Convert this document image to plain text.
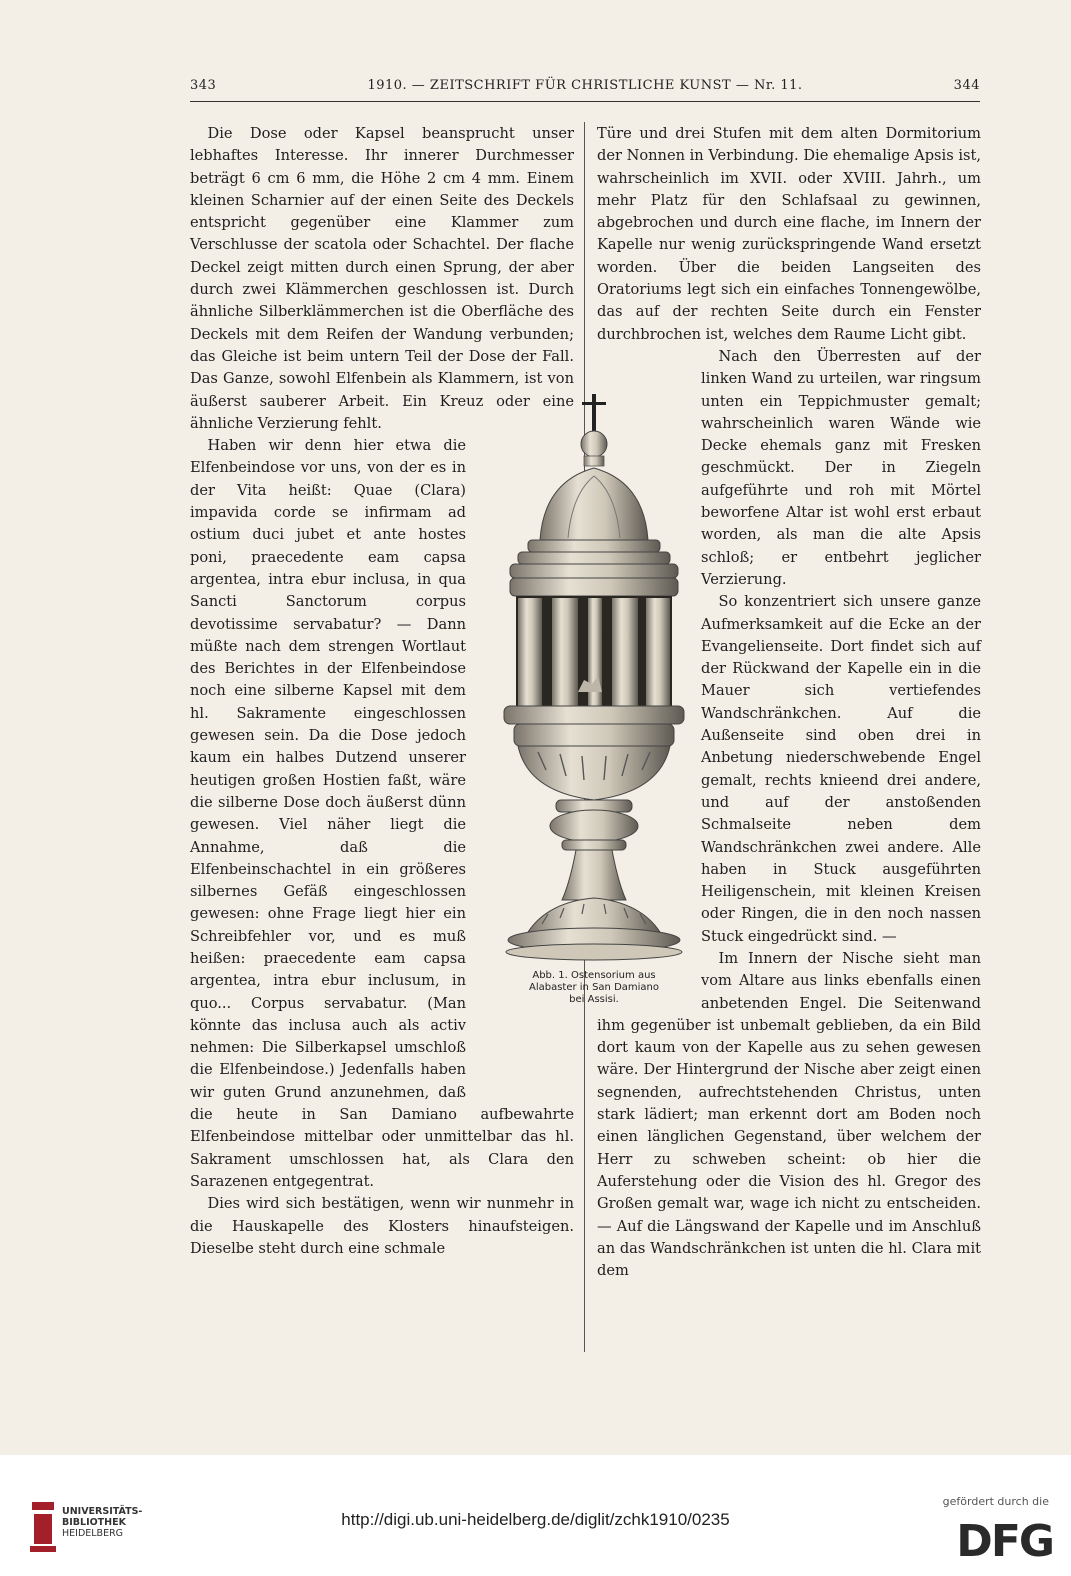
343	1910. — ZEITSCHRIFT FÜR CHRISTLICHE KUNST — Nr. 11.	344

Die Dose oder Kapsel beansprucht unser lebhaftes Interesse. Ihr innerer Durchmesser beträgt 6 cm 6 mm, die Höhe 2 cm 4 mm. Einem kleinen Scharnier auf der einen Seite des Deckels entspricht gegenüber eine Klammer zum Verschlusse der scatola oder Schachtel. Der flache Deckel zeigt mitten durch einen Sprung, der aber durch zwei Klämmerchen geschlossen ist. Durch ähnliche Silberklämmerchen ist die Oberfläche des Deckels mit dem Reifen der Wandung verbunden; das Gleiche ist beim untern Teil der Dose der Fall. Das Ganze, sowohl Elfenbein als Klammern, ist von äußerst sauberer Arbeit. Ein Kreuz oder eine ähnliche Verzierung fehlt.

Haben wir denn hier etwa die Elfenbeindose vor uns, von der es in der Vita heißt: Quae (Clara) impavida corde se infirmam ad ostium duci jubet et ante hostes poni, praecedente eam capsa argentea, intra ebur inclusa, in qua Sancti Sanctorum corpus devotissime servabatur? — Dann müßte nach dem strengen Wortlaut des Berichtes in der Elfenbeindose noch eine silberne Kapsel mit dem hl. Sakramente eingeschlossen gewesen sein. Da die Dose jedoch kaum ein halbes Dutzend unserer heutigen großen Hostien faßt, wäre die silberne Dose doch äußerst dünn gewesen. Viel näher liegt die Annahme, daß die Elfenbeinschachtel in ein größeres silbernes Gefäß eingeschlossen gewesen: ohne Frage liegt hier ein Schreibfehler vor, und es muß heißen: praecedente eam capsa argentea, intra ebur inclusum, in quo... Corpus servabatur. (Man könnte das inclusa auch als activ nehmen: Die Silberkapsel umschloß die Elfenbeindose.) Jedenfalls haben wir guten Grund anzunehmen, daß die heute in San Damiano aufbewahrte Elfenbeindose mittelbar oder unmittelbar das hl. Sakrament umschlossen hat, als Clara den Sarazenen entgegentrat.

Dies wird sich bestätigen, wenn wir nunmehr in die Hauskapelle des Klosters hinaufsteigen. Dieselbe steht durch eine schmale

Türe und drei Stufen mit dem alten Dormitorium der Nonnen in Verbindung. Die ehemalige Apsis ist, wahrscheinlich im XVII. oder XVIII. Jahrh., um mehr Platz für den Schlafsaal zu gewinnen, abgebrochen und durch eine flache, im Innern der Kapelle nur wenig zurückspringende Wand ersetzt worden. Über die beiden Langseiten des Oratoriums legt sich ein einfaches Tonnengewölbe, das auf der rechten Seite durch ein Fenster durchbrochen ist, welches dem Raume Licht gibt.

Nach den Überresten auf der linken Wand zu urteilen, war ringsum unten ein Teppichmuster gemalt; wahrscheinlich waren Wände wie Decke ehemals ganz mit Fresken geschmückt. Der in Ziegeln aufgeführte und roh mit Mörtel beworfene Altar ist wohl erst erbaut worden, als man die alte Apsis schloß; er entbehrt jeglicher Verzierung.

So konzentriert sich unsere ganze Aufmerksamkeit auf die Ecke an der Evangelienseite. Dort findet sich auf der Rückwand der Kapelle ein in die Mauer sich vertiefendes Wandschränkchen. Auf die Außenseite sind oben drei in Anbetung niederschwebende Engel gemalt, rechts knieend drei andere, und auf der anstoßenden Schmalseite neben dem Wandschränkchen zwei andere. Alle haben in Stuck ausgeführten Heiligenschein, mit kleinen Kreisen oder Ringen, die in den noch nassen Stuck eingedrückt sind. —

Im Innern der Nische sieht man vom Altare aus links ebenfalls einen anbetenden Engel. Die Seitenwand ihm gegenüber ist unbemalt geblieben, da ein Bild dort kaum von der Kapelle aus zu sehen gewesen wäre. Der Hintergrund der Nische aber zeigt einen segnenden, aufrechtstehenden Christus, unten stark lädiert; man erkennt dort am Boden noch einen länglichen Gegenstand, über welchem der Herr zu schweben scheint: ob hier die Auferstehung oder die Vision des hl. Gregor des Großen gemalt war, wage ich nicht zu entscheiden. — Auf die Längswand der Kapelle und im Anschluß an das Wandschränkchen ist unten die hl. Clara mit dem

Abb. 1. Ostensorium aus
Alabaster in San Damiano
bei Assisi.
UNIVERSITÄTS-
BIBLIOTHEK
HEIDELBERG
http://digi.ub.uni-heidelberg.de/diglit/zchk1910/0235
gefördert durch die
DFG
